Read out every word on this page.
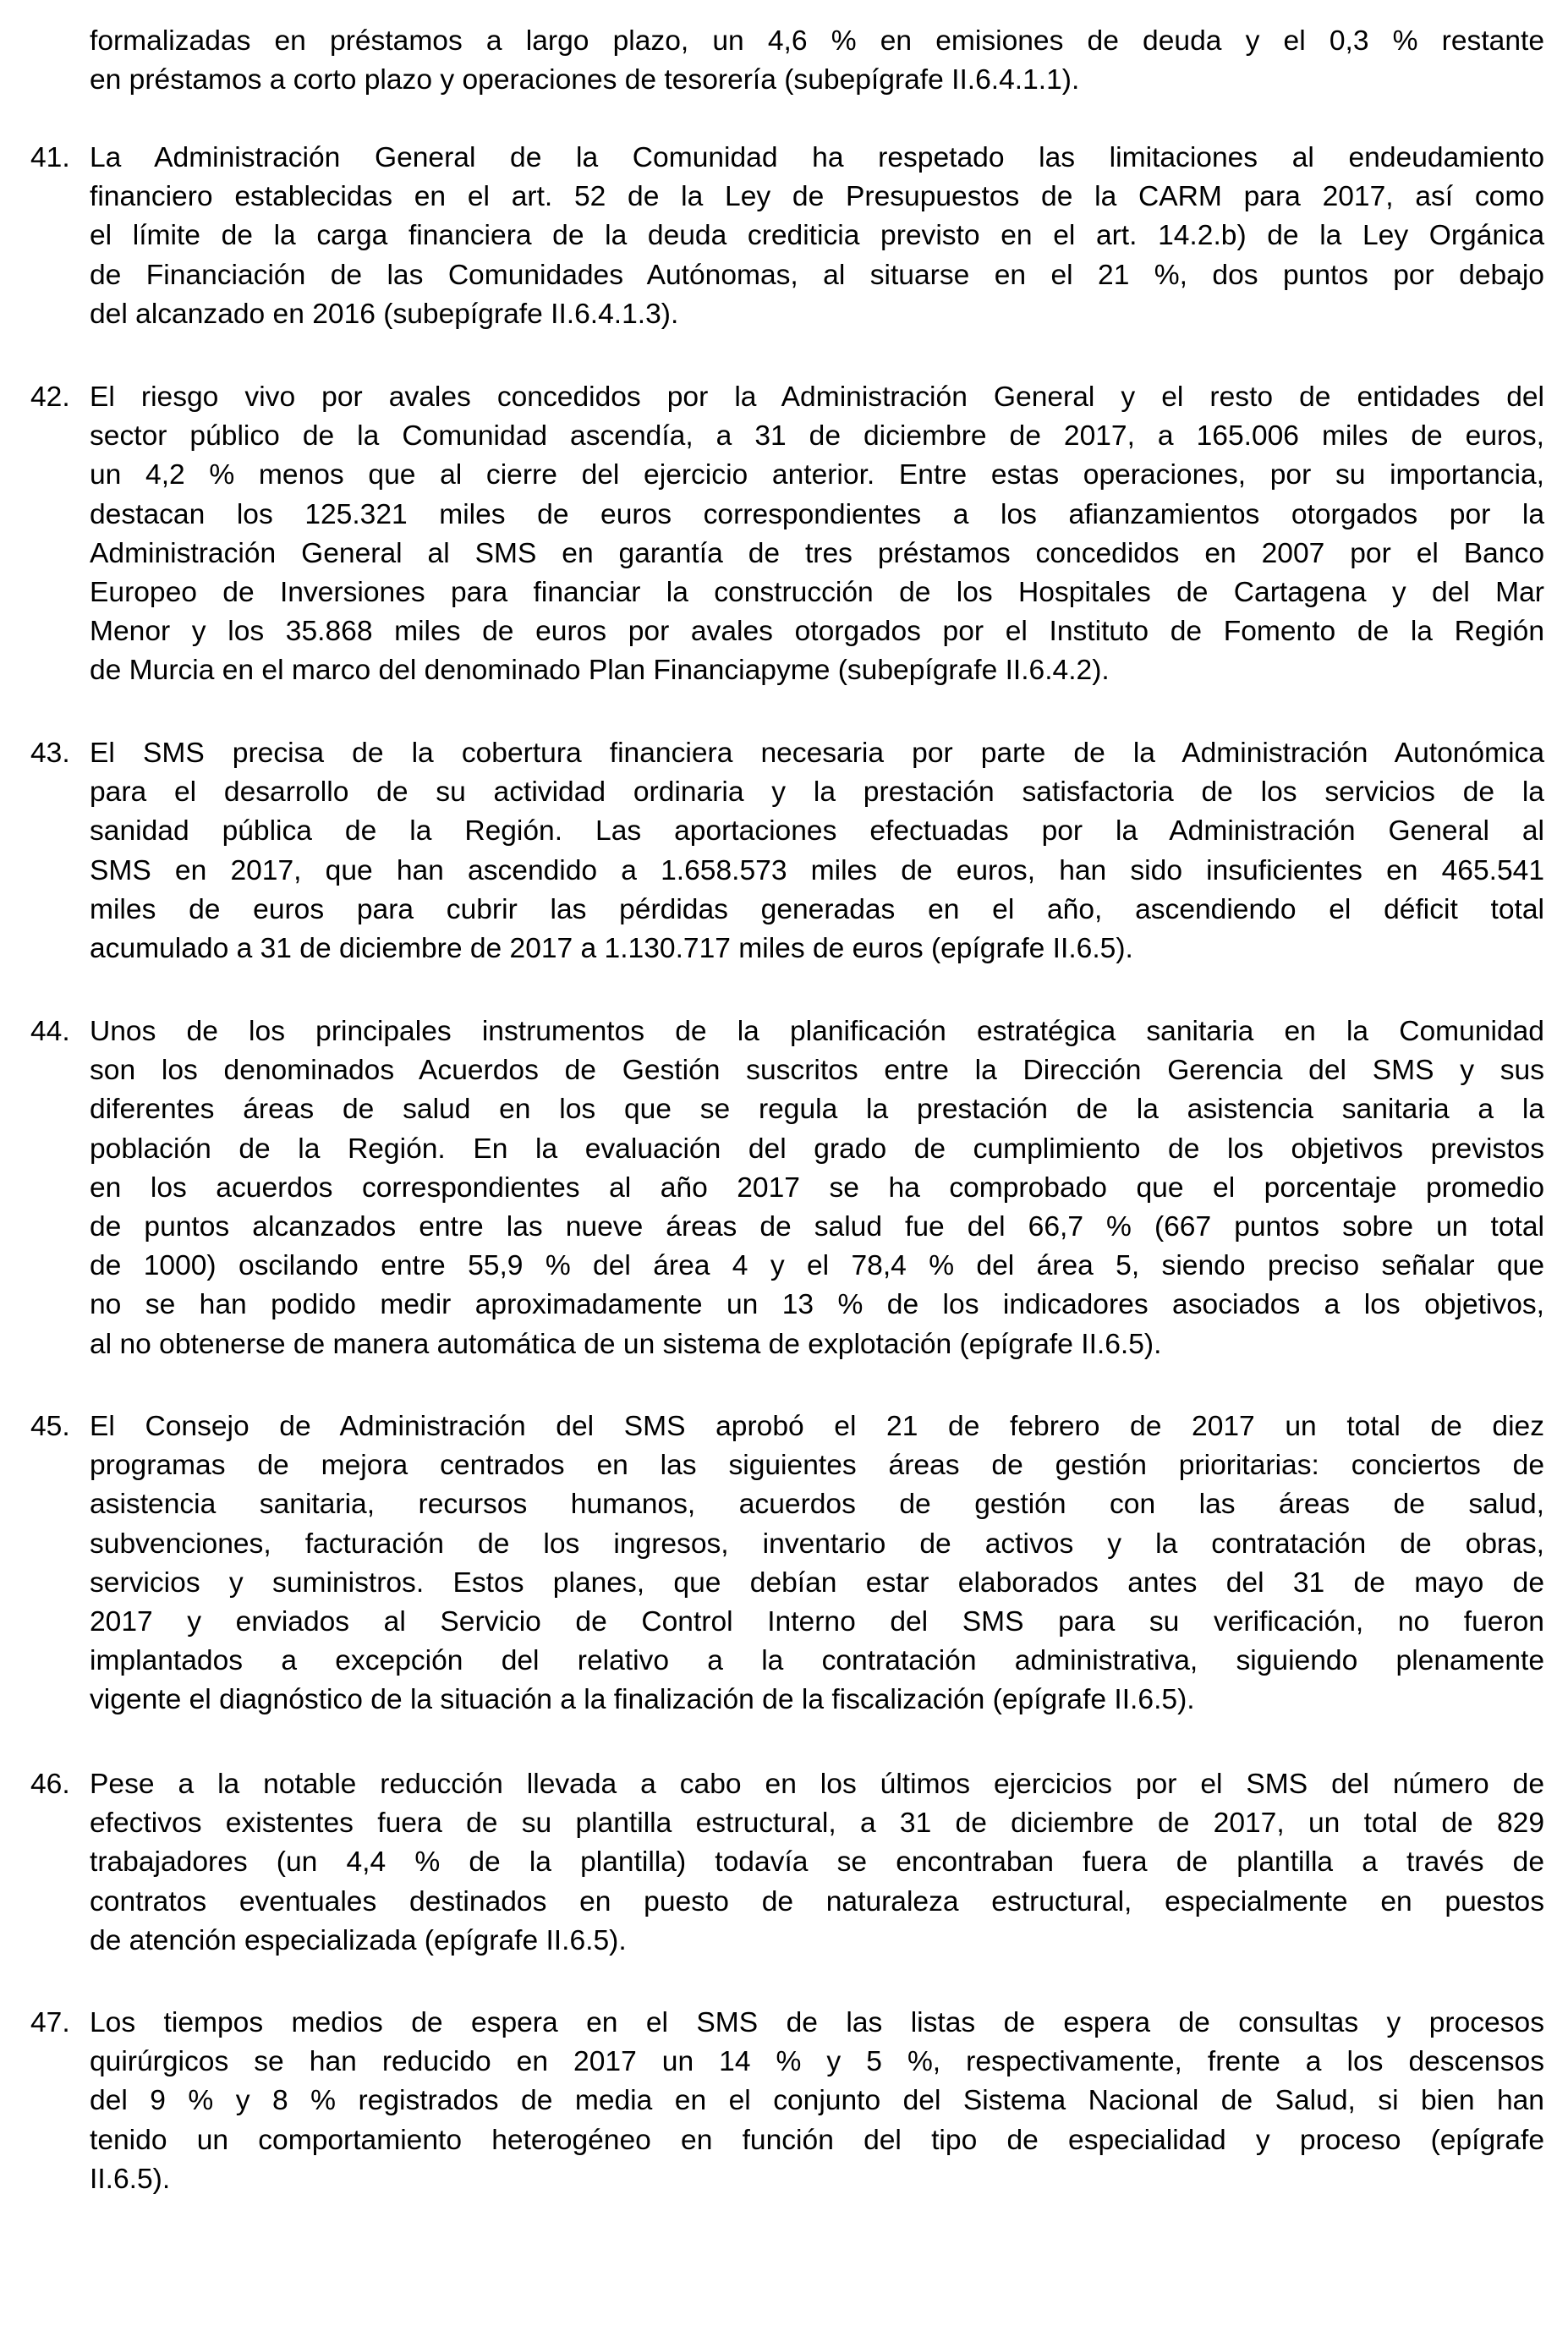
formalizadas en préstamos a largo plazo, un 4,6 % en emisiones de deuda y el 0,3 % restante
en préstamos a corto plazo y operaciones de tesorería (subepígrafe II.6.4.1.1).
41. La Administración General de la Comunidad ha respetado las limitaciones al endeudamiento
financiero establecidas en el art. 52 de la Ley de Presupuestos de la CARM para 2017, así como
el límite de la carga financiera de la deuda crediticia previsto en el art. 14.2.b) de la Ley Orgánica
de Financiación de las Comunidades Autónomas, al situarse en el 21 %, dos puntos por debajo
del alcanzado en 2016 (subepígrafe II.6.4.1.3).
42. El riesgo vivo por avales concedidos por la Administración General y el resto de entidades del
sector público de la Comunidad ascendía, a 31 de diciembre de 2017, a 165.006 miles de euros,
un 4,2 % menos que al cierre del ejercicio anterior. Entre estas operaciones, por su importancia,
destacan los 125.321 miles de euros correspondientes a los afianzamientos otorgados por la
Administración General al SMS en garantía de tres préstamos concedidos en 2007 por el Banco
Europeo de Inversiones para financiar la construcción de los Hospitales de Cartagena y del Mar
Menor y los 35.868 miles de euros por avales otorgados por el Instituto de Fomento de la Región
de Murcia en el marco del denominado Plan Financiapyme (subepígrafe II.6.4.2).
43. El SMS precisa de la cobertura financiera necesaria por parte de la Administración Autonómica
para el desarrollo de su actividad ordinaria y la prestación satisfactoria de los servicios de la
sanidad pública de la Región. Las aportaciones efectuadas por la Administración General al
SMS en 2017, que han ascendido a 1.658.573 miles de euros, han sido insuficientes en 465.541
miles de euros para cubrir las pérdidas generadas en el año, ascendiendo el déficit total
acumulado a 31 de diciembre de 2017 a 1.130.717 miles de euros (epígrafe II.6.5).
44. Unos de los principales instrumentos de la planificación estratégica sanitaria en la Comunidad
son los denominados Acuerdos de Gestión suscritos entre la Dirección Gerencia del SMS y sus
diferentes áreas de salud en los que se regula la prestación de la asistencia sanitaria a la
población de la Región. En la evaluación del grado de cumplimiento de los objetivos previstos
en los acuerdos correspondientes al año 2017 se ha comprobado que el porcentaje promedio
de puntos alcanzados entre las nueve áreas de salud fue del 66,7 % (667 puntos sobre un total
de 1000) oscilando entre 55,9 % del área 4 y el 78,4 % del área 5, siendo preciso señalar que
no se han podido medir aproximadamente un 13 % de los indicadores asociados a los objetivos,
al no obtenerse de manera automática de un sistema de explotación (epígrafe II.6.5).
45. El Consejo de Administración del SMS aprobó el 21 de febrero de 2017 un total de diez
programas de mejora centrados en las siguientes áreas de gestión prioritarias: conciertos de
asistencia sanitaria, recursos humanos, acuerdos de gestión con las áreas de salud,
subvenciones, facturación de los ingresos, inventario de activos y la contratación de obras,
servicios y suministros. Estos planes, que debían estar elaborados antes del 31 de mayo de
2017 y enviados al Servicio de Control Interno del SMS para su verificación, no fueron
implantados a excepción del relativo a la contratación administrativa, siguiendo plenamente
vigente el diagnóstico de la situación a la finalización de la fiscalización (epígrafe II.6.5).
46. Pese a la notable reducción llevada a cabo en los últimos ejercicios por el SMS del número de
efectivos existentes fuera de su plantilla estructural, a 31 de diciembre de 2017, un total de 829
trabajadores (un 4,4 % de la plantilla) todavía se encontraban fuera de plantilla a través de
contratos eventuales destinados en puesto de naturaleza estructural, especialmente en puestos
de atención especializada (epígrafe II.6.5).
47. Los tiempos medios de espera en el SMS de las listas de espera de consultas y procesos
quirúrgicos se han reducido en 2017 un 14 % y 5 %, respectivamente, frente a los descensos
del 9 % y 8 % registrados de media en el conjunto del Sistema Nacional de Salud, si bien han
tenido un comportamiento heterogéneo en función del tipo de especialidad y proceso (epígrafe
II.6.5).
